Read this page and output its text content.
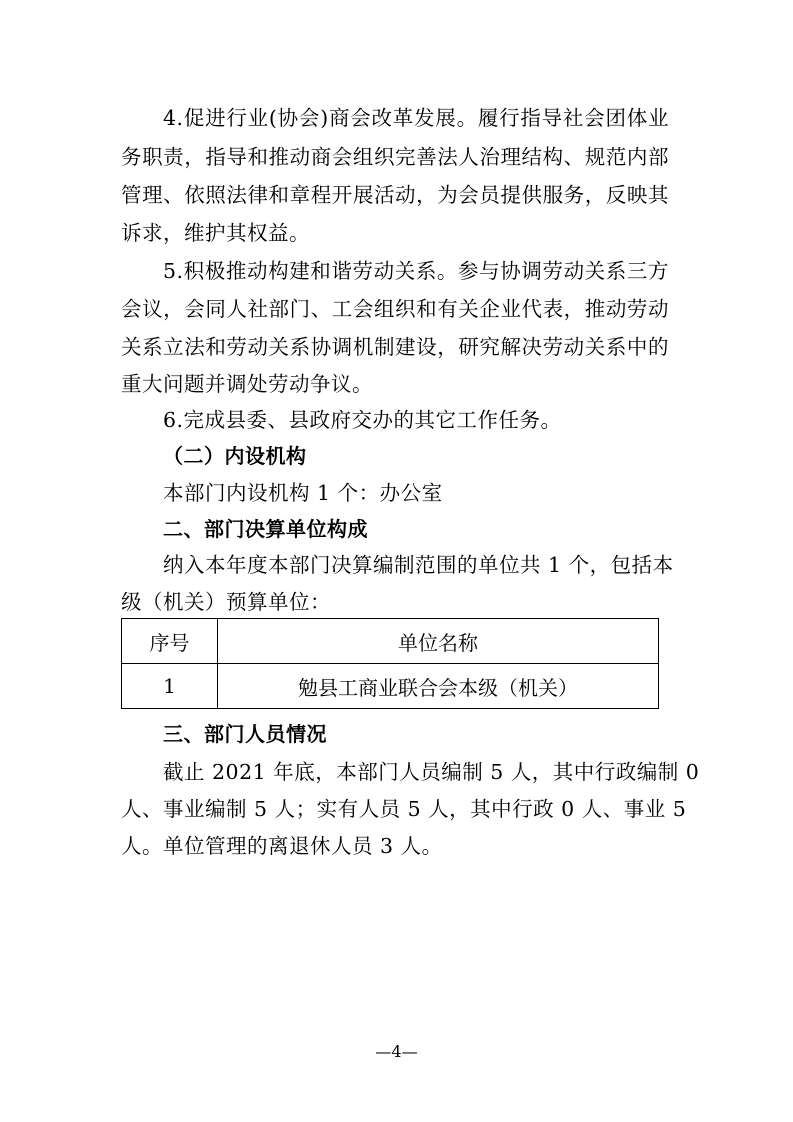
4.促进行业(协会)商会改革发展。履行指导社会团体业
务职责，指导和推动商会组织完善法人治理结构、规范内部
管理、依照法律和章程开展活动，为会员提供服务，反映其
诉求，维护其权益。
5.积极推动构建和谐劳动关系。参与协调劳动关系三方
会议，会同人社部门、工会组织和有关企业代表，推动劳动
关系立法和劳动关系协调机制建设，研究解决劳动关系中的
重大问题并调处劳动争议。
6.完成县委、县政府交办的其它工作任务。
（二）内设机构
本部门内设机构 1 个：办公室
二、部门决算单位构成
纳入本年度本部门决算编制范围的单位共 1 个，包括本
级（机关）预算单位：
序号	单位名称
1	勉县工商业联合会本级（机关）
三、部门人员情况
截止 2021 年底，本部门人员编制 5 人，其中行政编制 0
人、事业编制 5 人；实有人员 5 人，其中行政 0 人、事业 5
人。单位管理的离退休人员 3 人。
—4—
